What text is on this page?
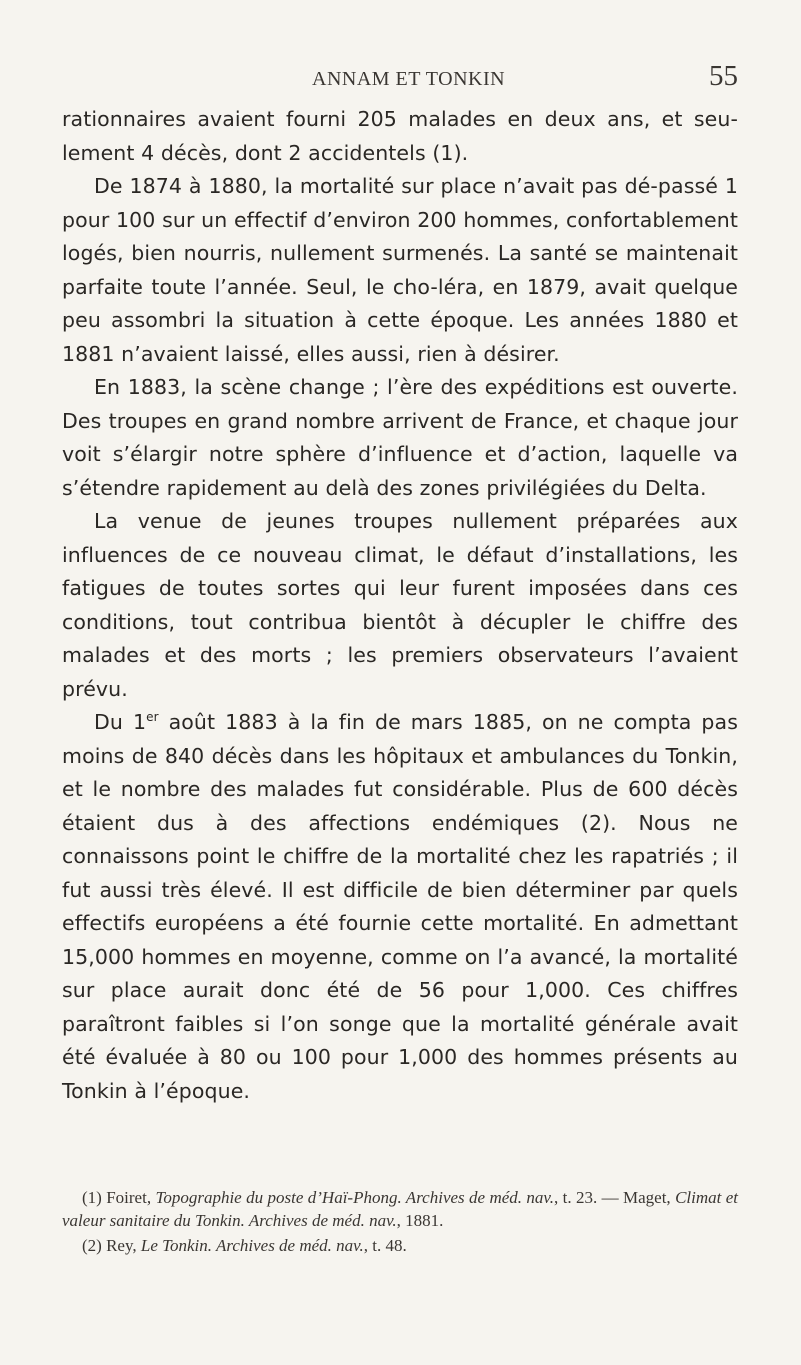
ANNAM ET TONKIN	55

rationnaires avaient fourni 205 malades en deux ans, et seu-lement 4 décès, dont 2 accidentels (1).

De 1874 à 1880, la mortalité sur place n’avait pas dé-passé 1 pour 100 sur un effectif d’environ 200 hommes, confortablement logés, bien nourris, nullement surmenés. La santé se maintenait parfaite toute l’année. Seul, le cho-léra, en 1879, avait quelque peu assombri la situation à cette époque. Les années 1880 et 1881 n’avaient laissé, elles aussi, rien à désirer.

En 1883, la scène change ; l’ère des expéditions est ouverte. Des troupes en grand nombre arrivent de France, et chaque jour voit s’élargir notre sphère d’influence et d’action, laquelle va s’étendre rapidement au delà des zones privilégiées du Delta.

La venue de jeunes troupes nullement préparées aux influences de ce nouveau climat, le défaut d’installations, les fatigues de toutes sortes qui leur furent imposées dans ces conditions, tout contribua bientôt à décupler le chiffre des malades et des morts ; les premiers observateurs l’avaient prévu.

Du 1er août 1883 à la fin de mars 1885, on ne compta pas moins de 840 décès dans les hôpitaux et ambulances du Tonkin, et le nombre des malades fut considérable. Plus de 600 décès étaient dus à des affections endémiques (2). Nous ne connaissons point le chiffre de la mortalité chez les rapatriés ; il fut aussi très élevé. Il est difficile de bien déterminer par quels effectifs européens a été fournie cette mortalité. En admettant 15,000 hommes en moyenne, comme on l’a avancé, la mortalité sur place aurait donc été de 56 pour 1,000. Ces chiffres paraîtront faibles si l’on songe que la mortalité générale avait été évaluée à 80 ou 100 pour 1,000 des hommes présents au Tonkin à l’époque.

(1) Foiret, Topographie du poste d’Haï-Phong. Archives de méd. nav., t. 23. — Maget, Climat et valeur sanitaire du Tonkin. Archives de méd. nav., 1881.

(2) Rey, Le Tonkin. Archives de méd. nav., t. 48.
